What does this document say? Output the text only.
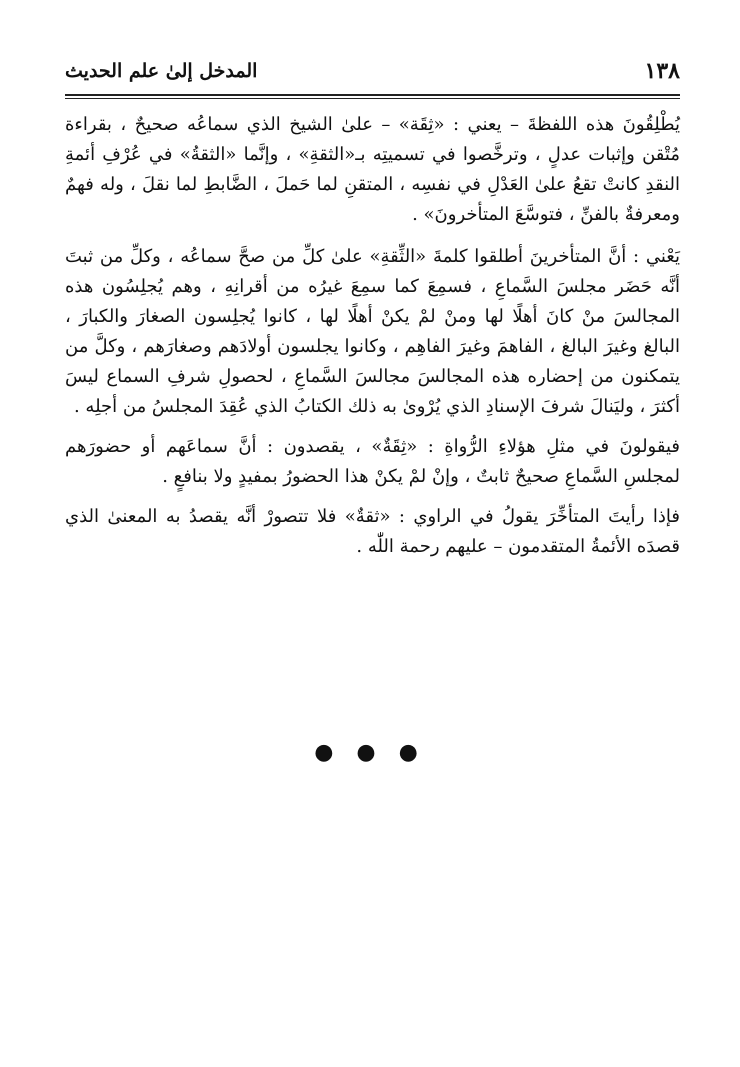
١٣٨
المدخل إلىٰ علم الحديث

يُطْلِقُونَ هذه اللفظةَ – يعني : «ثِقَة» – علىٰ الشيخ الذي سماعُه صحيحٌ ، بقراءة مُتْقن وإثبات عدلٍ ، وترخَّصوا في تسميتِه بـ«الثقةِ» ، وإنَّما «الثقةُ» في عُرْفِ أئمةِ النقدِ كانتْ تقعُ علىٰ العَدْلِ في نفسِه ، المتقنِ لما حَملَ ، الضَّابطِ لما نقلَ ، وله فهمٌ ومعرفةٌ بالفنِّ ، فتوسَّعَ المتأخرونَ» .

يَعْني : أنَّ المتأخرينَ أطلقوا كلمةَ «الثِّقةِ» علىٰ كلِّ من صحَّ سماعُه ، وكلِّ من ثبتَ أنَّه حَضَر مجلسَ السَّماعِ ، فسمِعَ كما سمِعَ غيرُه من أقرانِهِ ، وهم يُجلِسُون هذه المجالسَ منْ كانَ أهلًا لها ومنْ لمْ يكنْ أهلًا لها ، كانوا يُجلِسون الصغارَ والكبارَ ، البالغ وغيرَ البالغ ، الفاهمَ وغيرَ الفاهِم ، وكانوا يجلسون أولادَهم وصغارَهم ، وكلَّ من يتمكنون من إحضاره هذه المجالسَ مجالسَ السَّماعِ ، لحصولِ شرفِ السماع ليسَ أكثرَ ، وليَنالَ شرفَ الإسنادِ الذي يُرْوىٰ به ذلك الكتابُ الذي عُقِدَ المجلسُ من أجلِه .

فيقولونَ في مثلِ هؤلاءِ الرُّواةِ : «ثِقَةٌ» ، يقصدون : أنَّ سماعَهم أو حضورَهم لمجلسِ السَّماعِ صحيحٌ ثابتٌ ، وإنْ لمْ يكنْ هذا الحضورُ بمفيدٍ ولا بنافعٍ .

فإذا رأيتَ المتأخِّرَ يقولُ في الراوي : «ثقةٌ» فلا تتصورْ أنَّه يقصدُ به المعنىٰ الذي قصدَه الأئمةُ المتقدمون – عليهم رحمة اللّٰه .

● ● ●
